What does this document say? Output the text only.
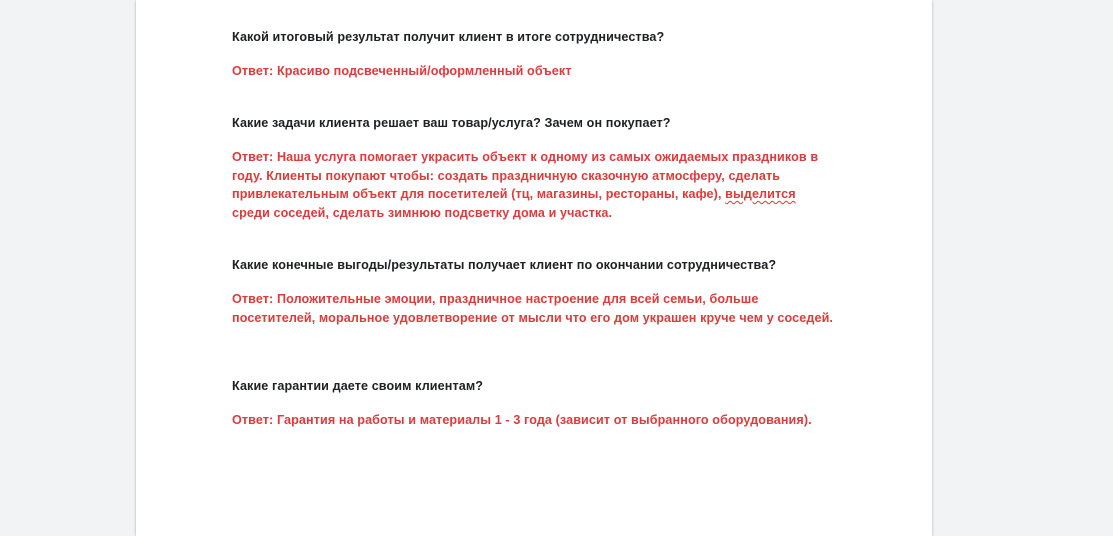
Какой итоговый результат получит клиент в итоге сотрудничества?

Ответ: Красиво подсвеченный/оформленный объект

Какие задачи клиента решает ваш товар/услуга? Зачем он покупает?

Ответ: Наша услуга помогает украсить объект к одному из самых ожидаемых праздников в

году. Клиенты покупают чтобы: создать праздничную сказочную атмосферу, сделать

привлекательным объект для посетителей (тц, магазины, рестораны, кафе), выделится

среди соседей, сделать зимнюю подсветку дома и участка.

Какие конечные выгоды/результаты получает клиент по окончании сотрудничества?

Ответ: Положительные эмоции, праздничное настроение для всей семьи, больше

посетителей, моральное удовлетворение от мысли что его дом украшен круче чем у соседей.

Какие гарантии даете своим клиентам?

Ответ: Гарантия на работы и материалы 1 - 3 года (зависит от выбранного оборудования).
